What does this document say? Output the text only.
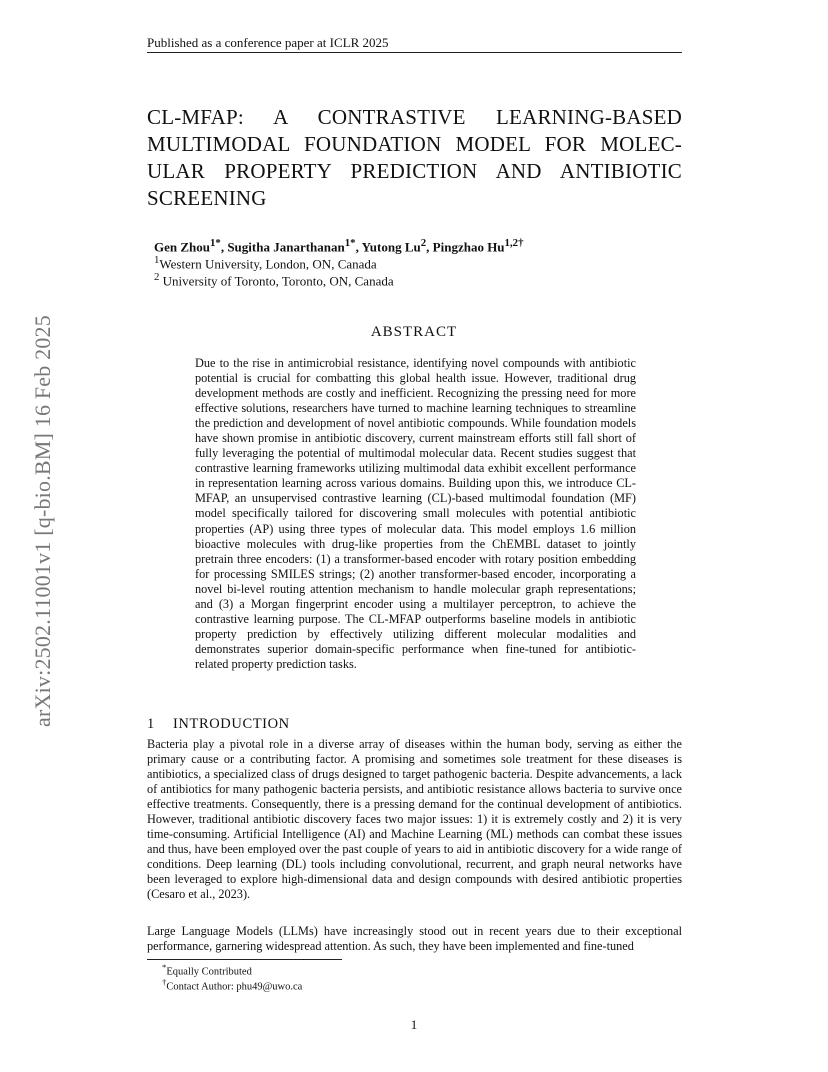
Published as a conference paper at ICLR 2025
arXiv:2502.11001v1 [q-bio.BM] 16 Feb 2025
CL-MFAP: A CONTRASTIVE LEARNING-BASED
MULTIMODAL FOUNDATION MODEL FOR MOLEC-
ULAR PROPERTY PREDICTION AND ANTIBIOTIC
SCREENING
Gen Zhou$^{1*}$, Sugitha Janarthanan$^{1*}$, Yutong Lu$^2$, Pingzhao $Hu^{1,2\dagger}$
$^1$Western University, London, ON, Canada
$^2$ University of Toronto, Toronto, ON, Canada
ABSTRACT
Due to the rise in antimicrobial resistance, identifying novel compounds with antibiotic potential is crucial for combatting this global health issue. However, traditional drug development methods are costly and inefficient. Recognizing the pressing need for more effective solutions, researchers have turned to machine learning techniques to streamline the prediction and development of novel antibiotic compounds. While foundation models have shown promise in antibiotic discovery, current mainstream efforts still fall short of fully leveraging the potential of multimodal molecular data. Recent studies suggest that contrastive learning frameworks utilizing multimodal data exhibit excellent performance in representation learning across various domains. Building upon this, we introduce CL-MFAP, an unsupervised contrastive learning (CL)-based multimodal foundation (MF) model specifically tailored for discovering small molecules with potential antibiotic properties (AP) using three types of molecular data. This model employs 1.6 million bioactive molecules with drug-like properties from the ChEMBL dataset to jointly pretrain three encoders: (1) a transformer-based encoder with rotary position embedding for processing SMILES strings; (2) another transformer-based encoder, incorporating a novel bi-level routing attention mechanism to handle molecular graph representations; and (3) a Morgan fingerprint encoder using a multilayer perceptron, to achieve the contrastive learning purpose. The CL-MFAP outperforms baseline models in antibiotic property prediction by effectively utilizing different molecular modalities and demonstrates superior domain-specific performance when fine-tuned for antibiotic-related property prediction tasks.
1 INTRODUCTION
Bacteria play a pivotal role in a diverse array of diseases within the human body, serving as either the primary cause or a contributing factor. A promising and sometimes sole treatment for these diseases is antibiotics, a specialized class of drugs designed to target pathogenic bacteria. Despite advancements, a lack of antibiotics for many pathogenic bacteria persists, and antibiotic resistance allows bacteria to survive once effective treatments. Consequently, there is a pressing demand for the continual development of antibiotics. However, traditional antibiotic discovery faces two major issues: 1) it is extremely costly and 2) it is very time-consuming. Artificial Intelligence (AI) and Machine Learning (ML) methods can combat these issues and thus, have been employed over the past couple of years to aid in antibiotic discovery for a wide range of conditions. Deep learning (DL) tools including convolutional, recurrent, and graph neural networks have been leveraged to explore high-dimensional data and design compounds with desired antibiotic properties (Cesaro et al., 2023).
Large Language Models (LLMs) have increasingly stood out in recent years due to their exceptional performance, garnering widespread attention. As such, they have been implemented and fine-tuned
*Equally Contributed
†Contact Author: phu49@uwo.ca
1
